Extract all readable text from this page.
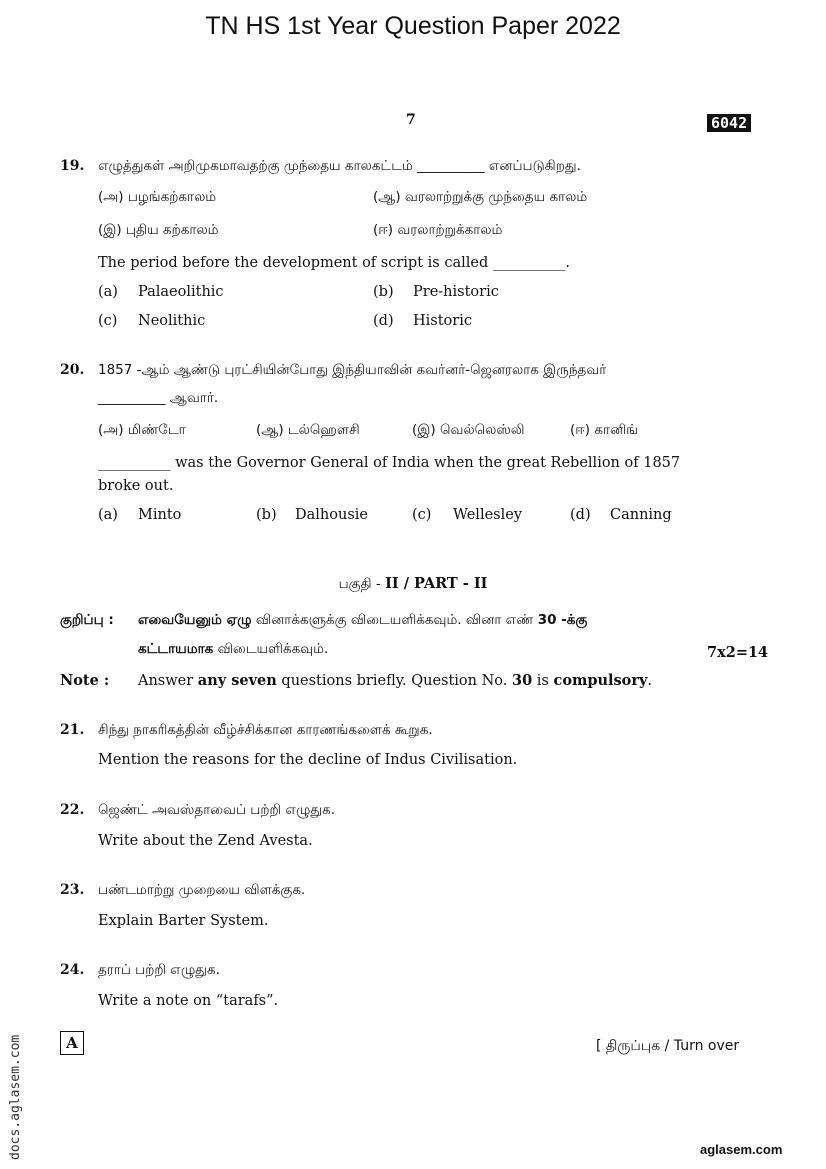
TN HS 1st Year Question Paper 2022
7	6042
19. எழுத்துகள் அறிமுகமாவதற்கு முந்தைய காலகட்டம் __________ எனப்படுகிறது.
(அ) பழங்கற்காலம்	(ஆ) வரலாற்றுக்கு முந்தைய காலம்
(இ) புதிய கற்காலம்	(ஈ) வரலாற்றுக்காலம்
The period before the development of script is called __________.
(a) Palaeolithic	(b) Pre-historic
(c) Neolithic	(d) Historic
20. 1857 -ஆம் ஆண்டு புரட்சியின்போது இந்தியாவின் கவர்னர்-ஜெனரலாக இருந்தவர்
__________ ஆவார்.
(அ) மிண்டோ	(ஆ) டல்ஹௌசி	(இ) வெல்லெஸ்லி	(ஈ) கானிங்
__________ was the Governor General of India when the great Rebellion of 1857
broke out.
(a) Minto	(b) Dalhousie	(c) Wellesley	(d) Canning
பகுதி - II / PART - II
குறிப்பு : எவையேனும் ஏழு வினாக்களுக்கு விடையளிக்கவும். வினா எண் 30 -க்கு
கட்டாயமாக விடையளிக்கவும்.	7x2=14
Note : Answer any seven questions briefly. Question No. 30 is compulsory.
21. சிந்து நாகரிகத்தின் வீழ்ச்சிக்கான காரணங்களைக் கூறுக.
Mention the reasons for the decline of Indus Civilisation.
22. ஜெண்ட் அவஸ்தாவைப் பற்றி எழுதுக.
Write about the Zend Avesta.
23. பண்டமாற்று முறையை விளக்குக.
Explain Barter System.
24. தராப் பற்றி எழுதுக.
Write a note on “tarafs”.
A	[ திருப்புக / Turn over
docs.aglasem.com	aglasem.com
